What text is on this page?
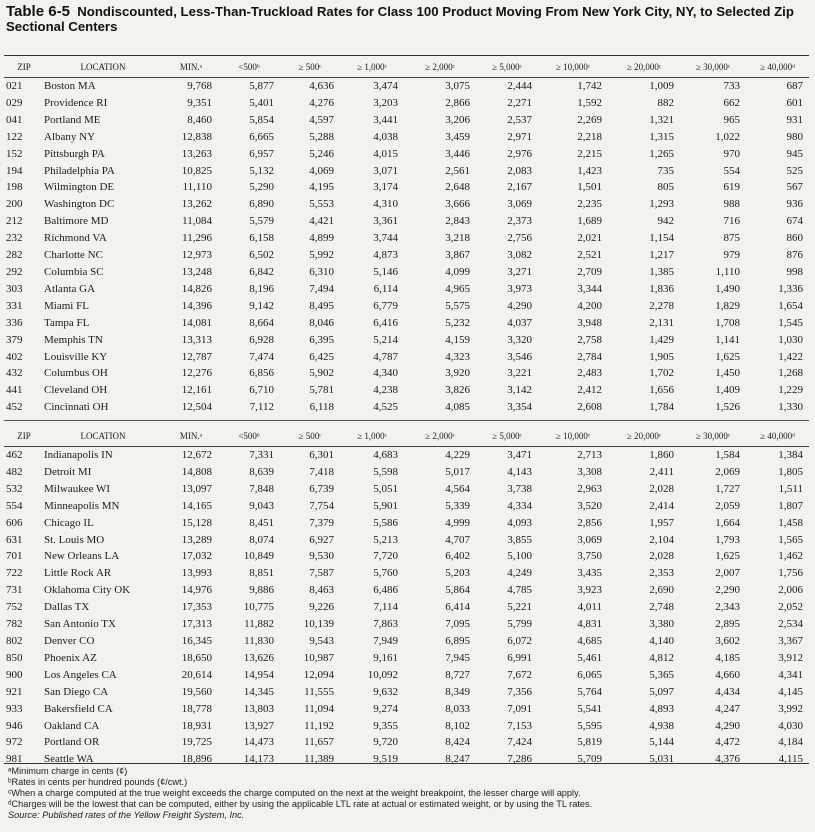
Table 6-5 Nondiscounted, Less-Than-Truckload Rates for Class 100 Product Moving From New York City, NY, to Selected Zip Sectional Centers
ZIP	LOCATION	MIN.ᵃ	<500ᵇ	≥ 500ᶜ	≥ 1,000ᶜ	≥ 2,000ᶜ	≥ 5,000ᶜ	≥ 10,000ᶜ	≥ 20,000ᶜ	≥ 30,000ᶜ	≥ 40,000ᵈ
021	Boston MA	9,768	5,877	4,636	3,474	3,075	2,444	1,742	1,009	733	687
029	Providence RI	9,351	5,401	4,276	3,203	2,866	2,271	1,592	882	662	601
041	Portland ME	8,460	5,854	4,597	3,441	3,206	2,537	2,269	1,321	965	931
122	Albany NY	12,838	6,665	5,288	4,038	3,459	2,971	2,218	1,315	1,022	980
152	Pittsburgh PA	13,263	6,957	5,246	4,015	3,446	2,976	2,215	1,265	970	945
194	Philadelphia PA	10,825	5,132	4,069	3,071	2,561	2,083	1,423	735	554	525
198	Wilmington DE	11,110	5,290	4,195	3,174	2,648	2,167	1,501	805	619	567
200	Washington DC	13,262	6,890	5,553	4,310	3,666	3,069	2,235	1,293	988	936
212	Baltimore MD	11,084	5,579	4,421	3,361	2,843	2,373	1,689	942	716	674
232	Richmond VA	11,296	6,158	4,899	3,744	3,218	2,756	2,021	1,154	875	860
282	Charlotte NC	12,973	6,502	5,992	4,873	3,867	3,082	2,521	1,217	979	876
292	Columbia SC	13,248	6,842	6,310	5,146	4,099	3,271	2,709	1,385	1,110	998
303	Atlanta GA	14,826	8,196	7,494	6,114	4,965	3,973	3,344	1,836	1,490	1,336
331	Miami FL	14,396	9,142	8,495	6,779	5,575	4,290	4,200	2,278	1,829	1,654
336	Tampa FL	14,081	8,664	8,046	6,416	5,232	4,037	3,948	2,131	1,708	1,545
379	Memphis TN	13,313	6,928	6,395	5,214	4,159	3,320	2,758	1,429	1,141	1,030
402	Louisville KY	12,787	7,474	6,425	4,787	4,323	3,546	2,784	1,905	1,625	1,422
432	Columbus OH	12,276	6,856	5,902	4,340	3,920	3,221	2,483	1,702	1,450	1,268
441	Cleveland OH	12,161	6,710	5,781	4,238	3,826	3,142	2,412	1,656	1,409	1,229
452	Cincinnati OH	12,504	7,112	6,118	4,525	4,085	3,354	2,608	1,784	1,526	1,330
ZIP	LOCATION	MIN.ᵃ	<500ᵇ	≥ 500ᶜ	≥ 1,000ᶜ	≥ 2,000ᶜ	≥ 5,000ᶜ	≥ 10,000ᶜ	≥ 20,000ᶜ	≥ 30,000ᶜ	≥ 40,000ᵈ
462	Indianapolis IN	12,672	7,331	6,301	4,683	4,229	3,471	2,713	1,860	1,584	1,384
482	Detroit MI	14,808	8,639	7,418	5,598	5,017	4,143	3,308	2,411	2,069	1,805
532	Milwaukee WI	13,097	7,848	6,739	5,051	4,564	3,738	2,963	2,028	1,727	1,511
554	Minneapolis MN	14,165	9,043	7,754	5,901	5,339	4,334	3,520	2,414	2,059	1,807
606	Chicago IL	15,128	8,451	7,379	5,586	4,999	4,093	2,856	1,957	1,664	1,458
631	St. Louis MO	13,289	8,074	6,927	5,213	4,707	3,855	3,069	2,104	1,793	1,565
701	New Orleans LA	17,032	10,849	9,530	7,720	6,402	5,100	3,750	2,028	1,625	1,462
722	Little Rock AR	13,993	8,851	7,587	5,760	5,203	4,249	3,435	2,353	2,007	1,756
731	Oklahoma City OK	14,976	9,886	8,463	6,486	5,864	4,785	3,923	2,690	2,290	2,006
752	Dallas TX	17,353	10,775	9,226	7,114	6,414	5,221	4,011	2,748	2,343	2,052
782	San Antonio TX	17,313	11,882	10,139	7,863	7,095	5,799	4,831	3,380	2,895	2,534
802	Denver CO	16,345	11,830	9,543	7,949	6,895	6,072	4,685	4,140	3,602	3,367
850	Phoenix AZ	18,650	13,626	10,987	9,161	7,945	6,991	5,461	4,812	4,185	3,912
900	Los Angeles CA	20,614	14,954	12,094	10,092	8,727	7,672	6,065	5,365	4,660	4,341
921	San Diego CA	19,560	14,345	11,555	9,632	8,349	7,356	5,764	5,097	4,434	4,145
933	Bakersfield CA	18,778	13,803	11,094	9,274	8,033	7,091	5,541	4,893	4,247	3,992
946	Oakland CA	18,931	13,927	11,192	9,355	8,102	7,153	5,595	4,938	4,290	4,030
972	Portland OR	19,725	14,473	11,657	9,720	8,424	7,424	5,819	5,144	4,472	4,184
981	Seattle WA	18,896	14,173	11,389	9,519	8,247	7,286	5,709	5,031	4,376	4,115

ᵃMinimum charge in cents (¢)

ᵇRates in cents per hundred pounds (¢/cwt.)

ᶜWhen a charge computed at the true weight exceeds the charge computed on the next at the weight breakpoint, the lesser charge will apply.

ᵈCharges will be the lowest that can be computed, either by using the applicable LTL rate at actual or estimated weight, or by using the TL rates.

Source: Published rates of the Yellow Freight System, Inc.
